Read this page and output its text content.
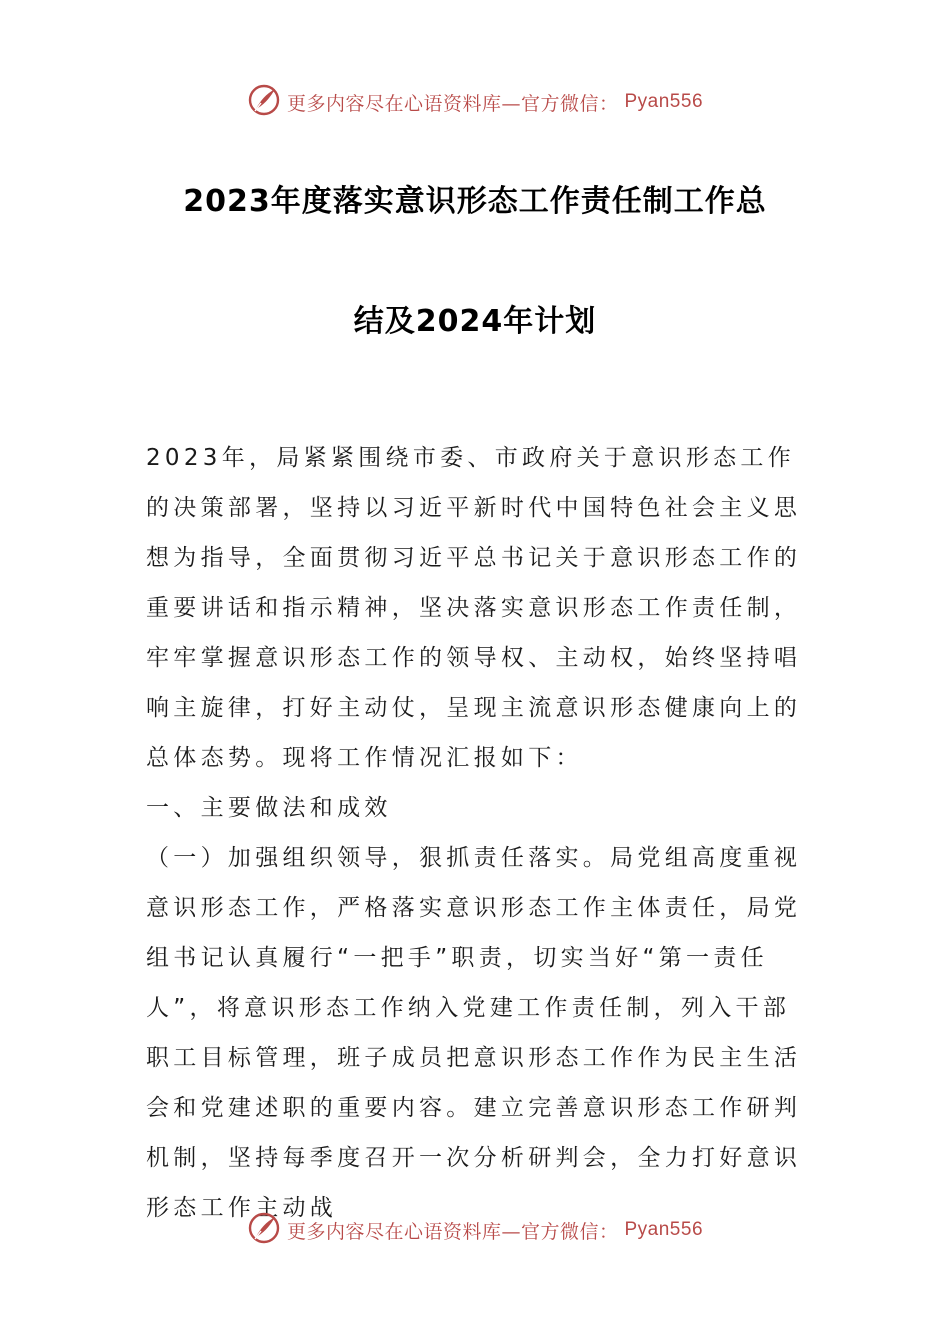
更多内容尽在心语资料库—官方微信： Pyan556
2023年度落实意识形态工作责任制工作总
结及2024年计划

2023年，局紧紧围绕市委、市政府关于意识形态工作的决策部署，坚持以习近平新时代中国特色社会主义思想为指导，全面贯彻习近平总书记关于意识形态工作的重要讲话和指示精神，坚决落实意识形态工作责任制，牢牢掌握意识形态工作的领导权、主动权，始终坚持唱响主旋律，打好主动仗，呈现主流意识形态健康向上的总体态势。现将工作情况汇报如下：

一、主要做法和成效

（一）加强组织领导，狠抓责任落实。局党组高度重视意识形态工作，严格落实意识形态工作主体责任，局党组书记认真履行“一把手”职责，切实当好“第一责任人”，将意识形态工作纳入党建工作责任制，列入干部职工目标管理，班子成员把意识形态工作作为民主生活会和党建述职的重要内容。建立完善意识形态工作研判机制，坚持每季度召开一次分析研判会，全力打好意识形态工作主动战

更多内容尽在心语资料库—官方微信： Pyan556
